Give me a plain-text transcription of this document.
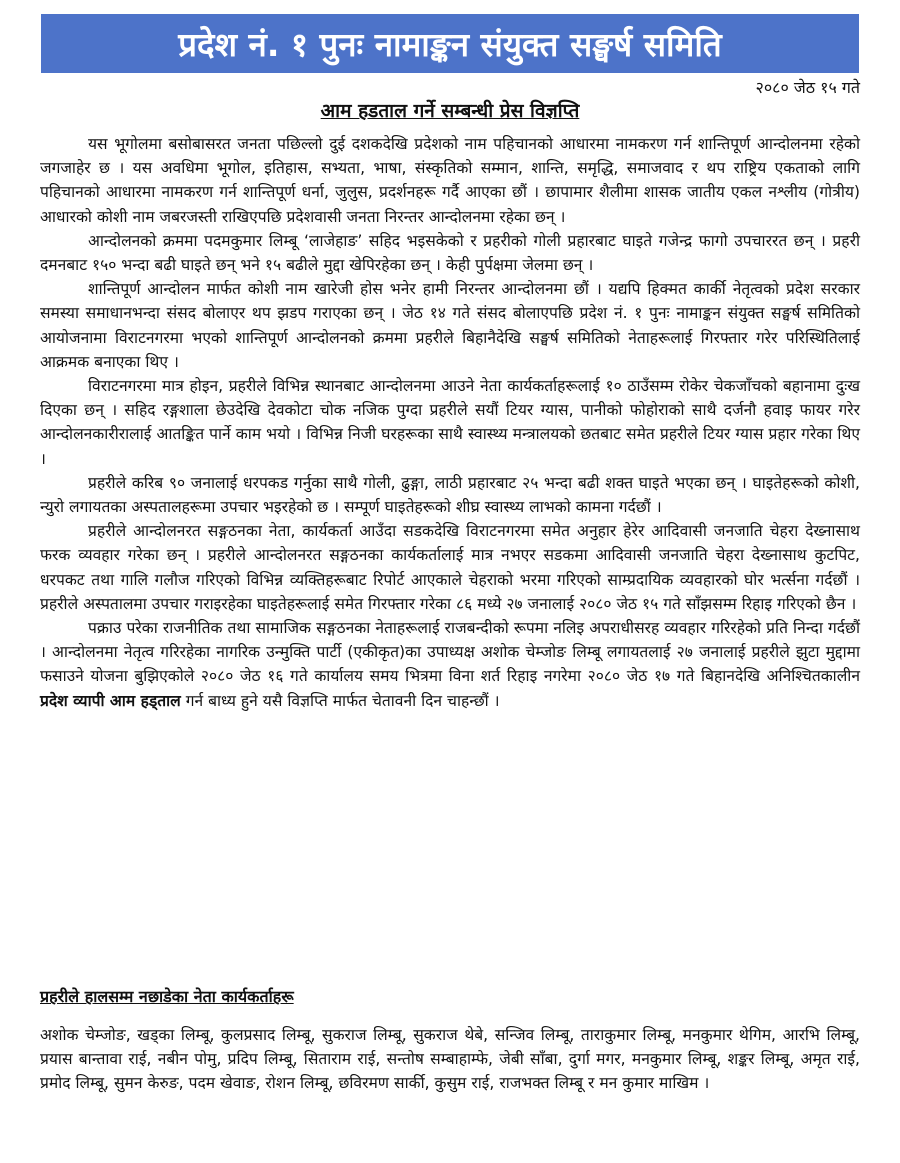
प्रदेश नं. १ पुनः नामाङ्कन संयुक्त सङ्घर्ष समिति
२०८० जेठ १५ गते
आम हडताल गर्ने सम्बन्धी प्रेस विज्ञप्ति

यस भूगोलमा बसोबासरत जनता पछिल्लो दुई दशकदेखि प्रदेशको नाम पहिचानको आधारमा नामकरण गर्न शान्तिपूर्ण आन्दोलनमा रहेको जगजाहेर छ । यस अवधिमा भूगोल, इतिहास, सभ्यता, भाषा, संस्कृतिको सम्मान, शान्ति, समृद्धि, समाजवाद र थप राष्ट्रिय एकताको लागि पहिचानको आधारमा नामकरण गर्न शान्तिपूर्ण धर्ना, जुलुस, प्रदर्शनहरू गर्दै आएका छौं । छापामार शैलीमा शासक जातीय एकल नश्लीय (गोत्रीय) आधारको कोशी नाम जबरजस्ती राखिएपछि प्रदेशवासी जनता निरन्तर आन्दोलनमा रहेका छन् ।

आन्दोलनको क्रममा पदमकुमार लिम्बू ‘लाजेहाङ’ सहिद भइसकेको र प्रहरीको गोली प्रहारबाट घाइते गजेन्द्र फागो उपचाररत छन् । प्रहरी दमनबाट १५० भन्दा बढी घाइते छन् भने १५ बढीले मुद्दा खेपिरहेका छन् । केही पुर्पक्षमा जेलमा छन् ।

शान्तिपूर्ण आन्दोलन मार्फत कोशी नाम खारेजी होस भनेर हामी निरन्तर आन्दोलनमा छौं । यद्यपि हिक्मत कार्की नेतृत्वको प्रदेश सरकार समस्या समाधानभन्दा संसद बोलाएर थप झडप गराएका छन् । जेठ १४ गते संसद बोलाएपछि प्रदेश नं. १ पुनः नामाङ्कन संयुक्त सङ्घर्ष समितिको आयोजनामा विराटनगरमा भएको शान्तिपूर्ण आन्दोलनको क्रममा प्रहरीले बिहानैदेखि सङ्घर्ष समितिको नेताहरूलाई गिरफ्तार गरेर परिस्थितिलाई आक्रमक बनाएका थिए ।

विराटनगरमा मात्र होइन, प्रहरीले विभिन्न स्थानबाट आन्दोलनमा आउने नेता कार्यकर्ताहरूलाई १० ठाउँसम्म रोकेर चेकजाँचको बहानामा दुःख दिएका छन् । सहिद रङ्गशाला छेउदेखि देवकोटा चोक नजिक पुग्दा प्रहरीले सयौं टियर ग्यास, पानीको फोहोराको साथै दर्जनौ हवाइ फायर गरेर आन्दोलनकारीरालाई आतङ्कित पार्ने काम भयो । विभिन्न निजी घरहरूका साथै स्वास्थ्य मन्त्रालयको छतबाट समेत प्रहरीले टियर ग्यास प्रहार गरेका थिए ।

प्रहरीले करिब ९० जनालाई धरपकड गर्नुका साथै गोली, ढुङ्गा, लाठी प्रहारबाट २५ भन्दा बढी शक्त घाइते भएका छन् । घाइतेहरूको कोशी, न्युरो लगायतका अस्पतालहरूमा उपचार भइरहेको छ । सम्पूर्ण घाइतेहरूको शीघ्र स्वास्थ्य लाभको कामना गर्दछौं ।

प्रहरीले आन्दोलनरत सङ्गठनका नेता, कार्यकर्ता आउँदा सडकदेखि विराटनगरमा समेत अनुहार हेरेर आदिवासी जनजाति चेहरा देख्नासाथ फरक व्यवहार गरेका छन् । प्रहरीले आन्दोलनरत सङ्गठनका कार्यकर्तालाई मात्र नभएर सडकमा आदिवासी जनजाति चेहरा देख्नासाथ कुटपिट, धरपकट तथा गालि गलौज गरिएको विभिन्न व्यक्तिहरूबाट रिपोर्ट आएकाले चेहराको भरमा गरिएको साम्प्रदायिक व्यवहारको घोर भर्त्सना गर्दछौं । प्रहरीले अस्पतालमा उपचार गराइरहेका घाइतेहरूलाई समेत गिरफ्तार गरेका ८६ मध्ये २७ जनालाई २०८० जेठ १५ गते साँझसम्म रिहाइ गरिएको छैन ।

पक्राउ परेका राजनीतिक तथा सामाजिक सङ्गठनका नेताहरूलाई राजबन्दीको रूपमा नलिइ अपराधीसरह व्यवहार गरिरहेको प्रति निन्दा गर्दछौं । आन्दोलनमा नेतृत्व गरिरहेका नागरिक उन्मुक्ति पार्टी (एकीकृत)का उपाध्यक्ष अशोक चेम्जोङ लिम्बू लगायतलाई २७ जनालाई प्रहरीले झुटा मुद्दामा फसाउने योजना बुझिएकोले २०८० जेठ १६ गते कार्यालय समय भित्रमा विना शर्त रिहाइ नगरेमा २०८० जेठ १७ गते बिहानदेखि अनिश्चितकालीन प्रदेश व्यापी आम हड्ताल गर्न बाध्य हुने यसै विज्ञप्ति मार्फत चेतावनी दिन चाहन्छौं ।

प्रहरीले हालसम्म नछाडेका नेता कार्यकर्ताहरू
अशोक चेम्जोङ, खड्का लिम्बू, कुलप्रसाद लिम्बू, सुकराज लिम्बू, सुकराज थेबे, सन्जिव लिम्बू, ताराकुमार लिम्बू, मनकुमार थेगिम, आरभि लिम्बू, प्रयास बान्तावा राई, नबीन पोमु, प्रदिप लिम्बू, सिताराम राई, सन्तोष सम्बाहाम्फे, जेबी साँबा, दुर्गा मगर, मनकुमार लिम्बू, शङ्कर लिम्बू, अमृत राई, प्रमोद लिम्बू, सुमन केरुङ, पदम खेवाङ, रोशन लिम्बू, छविरमण सार्की, कुसुम राई, राजभक्त लिम्बू र मन कुमार माखिम ।
